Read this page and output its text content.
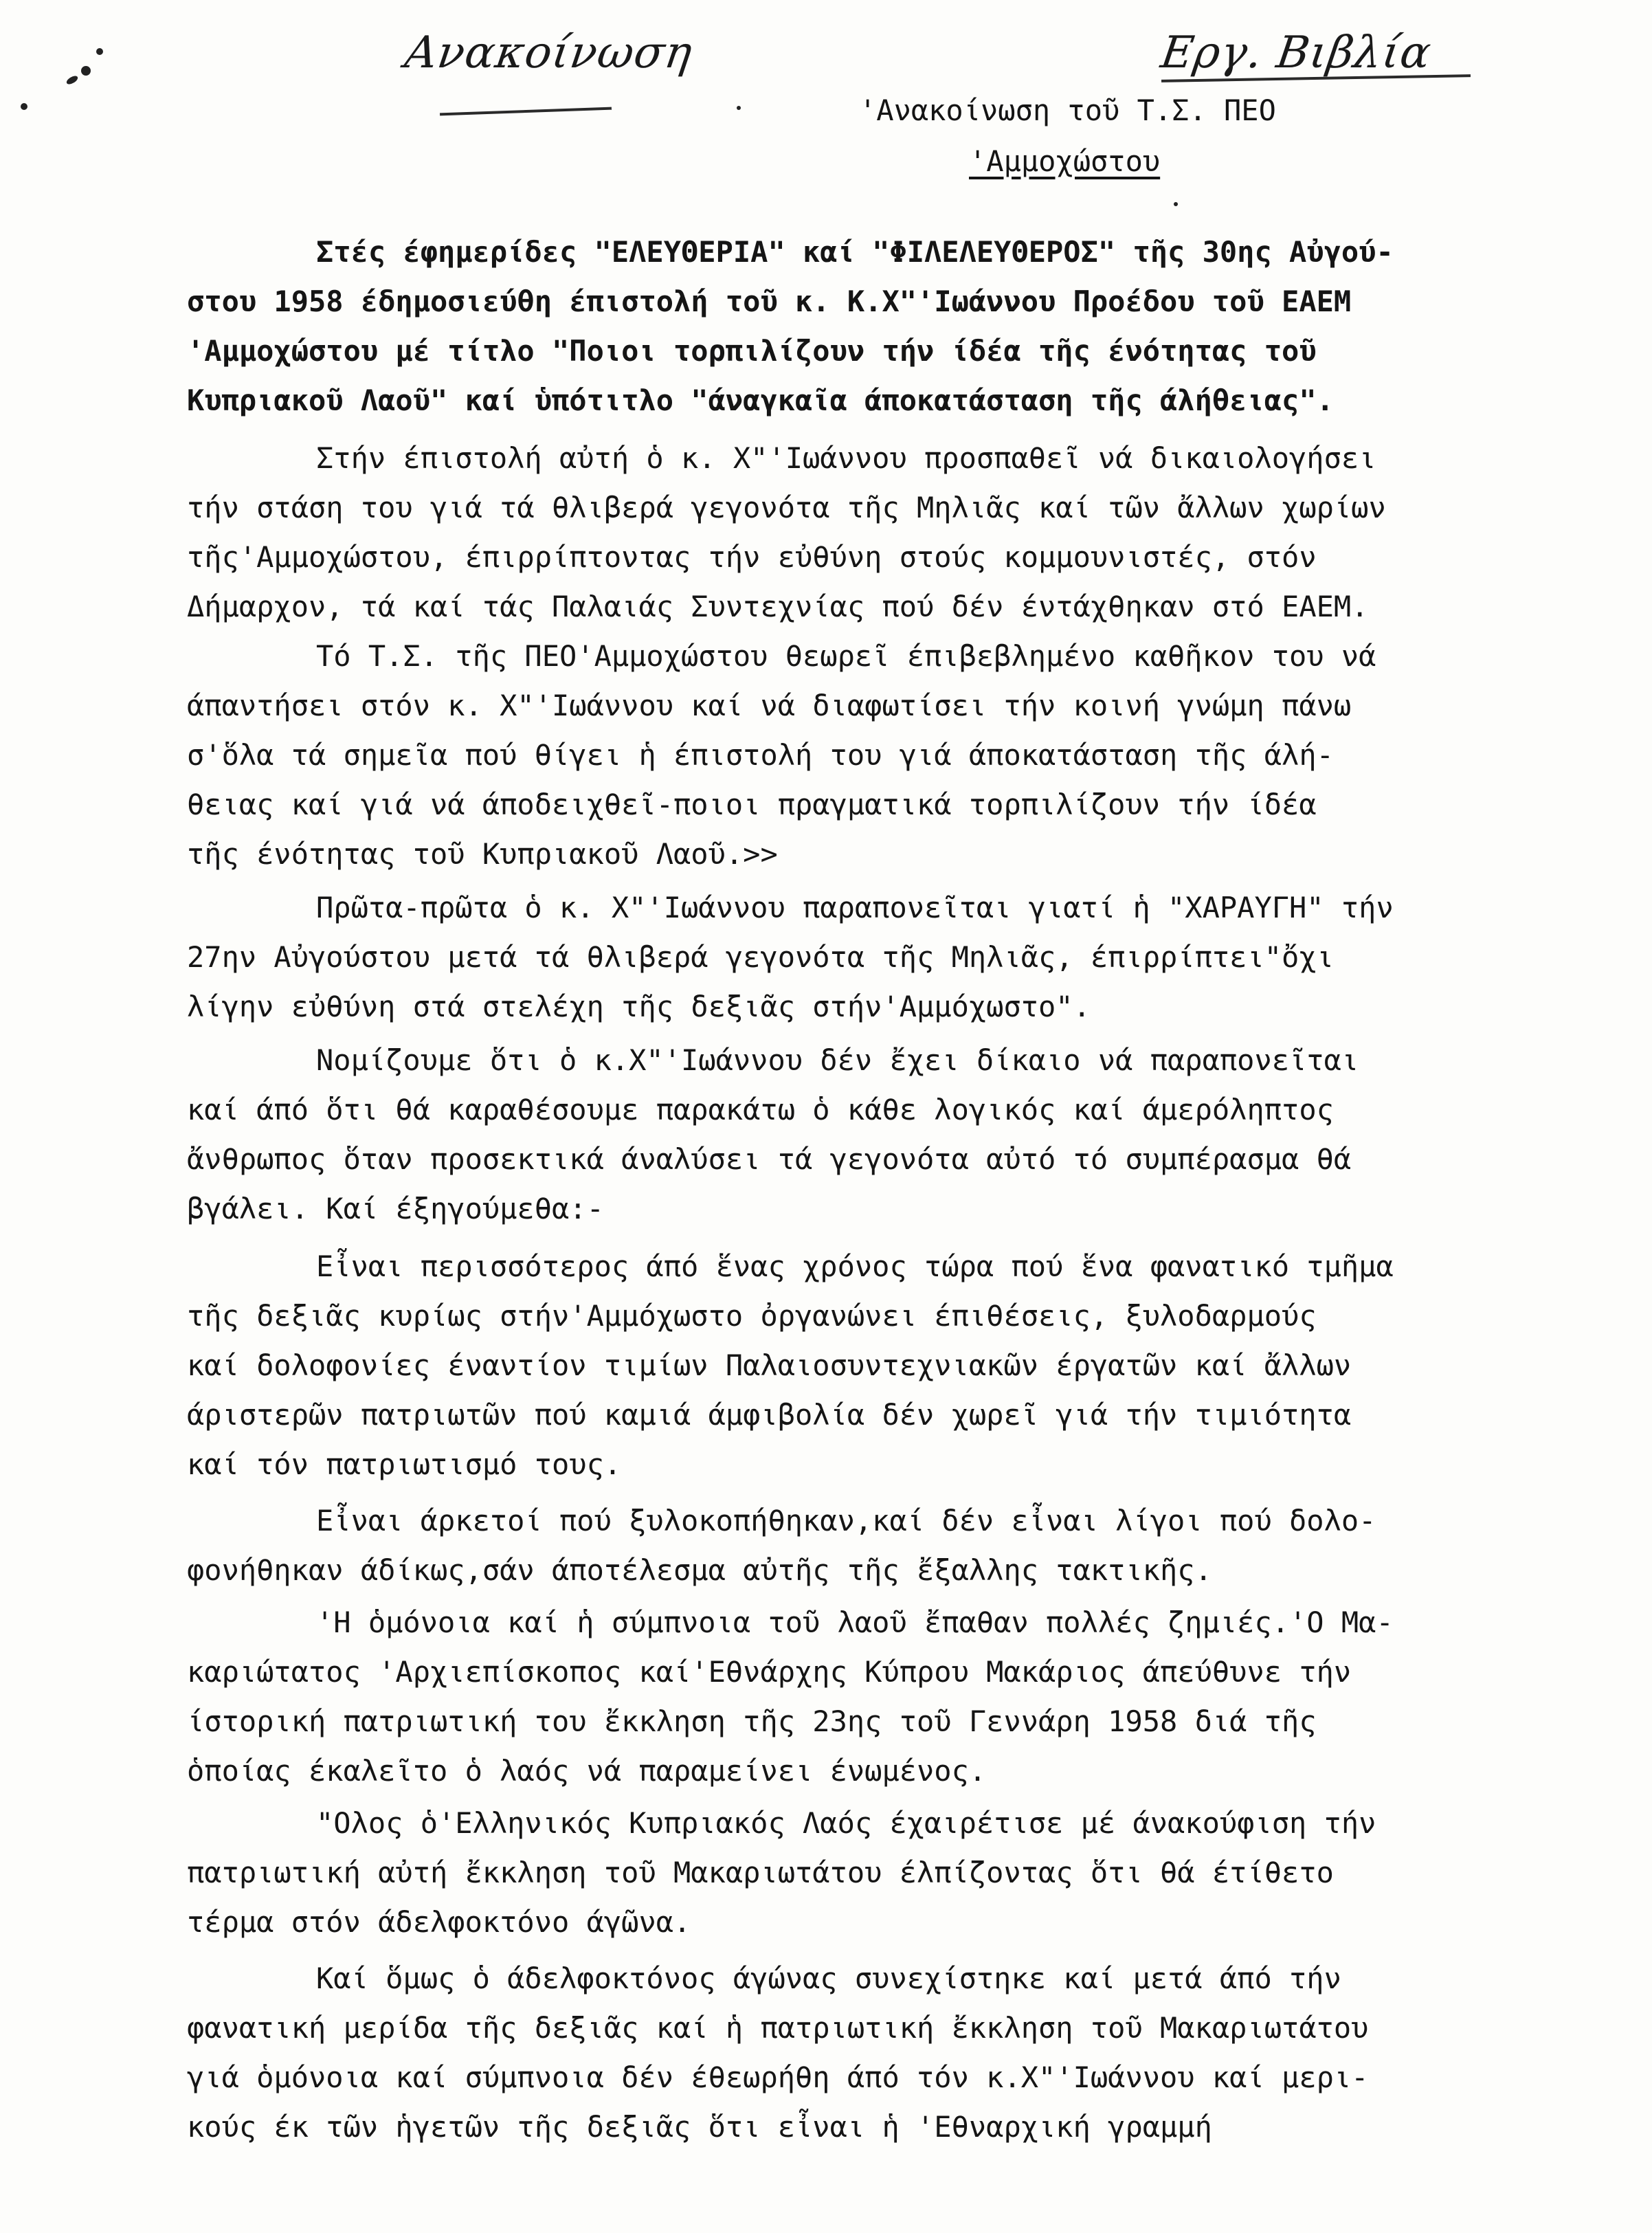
Ανακοίνωση	Εργ. Βιβλία
'Ανακοίνωση τοῦ Τ.Σ. ΠΕΟ
'Αμμοχώστου
Στές έφημερίδες "ΕΛΕΥΘΕΡΙΑ" καί "ΦΙΛΕΛΕΥΘΕΡΟΣ" τῆς 30ης Αὐγού-
στου 1958 έδημοσιεύθη έπιστολή τοῦ κ. Κ.Χ"'Ιωάννου Προέδου τοῦ ΕΑΕΜ
'Αμμοχώστου μέ τίτλο "Ποιοι τορπιλίζουν τήν ίδέα τῆς ένότητας τοῦ
Κυπριακοῦ Λαοῦ" καί ὑπότιτλο "άναγκαῖα άποκατάσταση τῆς άλήθειας".
Στήν έπιστολή αὐτή ὁ κ. Χ"'Ιωάννου προσπαθεῖ νά δικαιολογήσει
τήν στάση του γιά τά θλιβερά γεγονότα τῆς Μηλιᾶς καί τῶν ἄλλων χωρίων
τῆς'Αμμοχώστου, έπιρρίπτοντας τήν εὐθύνη στούς κομμουνιστές, στόν
Δήμαρχον, τά καί τάς Παλαιάς Συντεχνίας πού δέν έντάχθηκαν στό ΕΑΕΜ.
Τό Τ.Σ. τῆς ΠΕΟ'Αμμοχώστου θεωρεῖ έπιβεβλημένο καθῆκον του νά
άπαντήσει στόν κ. Χ"'Ιωάννου καί νά διαφωτίσει τήν κοινή γνώμη πάνω
σ'ὅλα τά σημεῖα πού θίγει ἡ έπιστολή του γιά άποκατάσταση τῆς άλή-
θειας καί γιά νά άποδειχθεῖ-ποιοι πραγματικά τορπιλίζουν τήν ίδέα
τῆς ένότητας τοῦ Κυπριακοῦ Λαοῦ.>>
Πρῶτα-πρῶτα ὁ κ. Χ"'Ιωάννου παραπονεῖται γιατί ἡ "ΧΑΡΑΥΓΗ" τήν
27ην Αὐγούστου μετά τά θλιβερά γεγονότα τῆς Μηλιᾶς, έπιρρίπτει"ὄχι
λίγην εὐθύνη στά στελέχη τῆς δεξιᾶς στήν'Αμμόχωστο".
Νομίζουμε ὅτι ὁ κ.Χ"'Ιωάννου δέν ἔχει δίκαιο νά παραπονεῖται
καί άπό ὅτι θά καραθέσουμε παρακάτω ὁ κάθε λογικός καί άμερόληπτος
ἄνθρωπος ὅταν προσεκτικά άναλύσει τά γεγονότα αὐτό τό συμπέρασμα θά
βγάλει. Καί έξηγούμεθα:-
Εἶναι περισσότερος άπό ἕνας χρόνος τώρα πού ἕνα φανατικό τμῆμα
τῆς δεξιᾶς κυρίως στήν'Αμμόχωστο ὀργανώνει έπιθέσεις, ξυλοδαρμούς
καί δολοφονίες έναντίον τιμίων Παλαιοσυντεχνιακῶν έργατῶν καί ἄλλων
άριστερῶν πατριωτῶν πού καμιά άμφιβολία δέν χωρεῖ γιά τήν τιμιότητα
καί τόν πατριωτισμό τους.
Εἶναι άρκετοί πού ξυλοκοπήθηκαν,καί δέν εἶναι λίγοι πού δολο-
φονήθηκαν άδίκως,σάν άποτέλεσμα αὐτῆς τῆς ἔξαλλης τακτικῆς.
'Η ὁμόνοια καί ἡ σύμπνοια τοῦ λαοῦ ἔπαθαν πολλές ζημιές.'Ο Μα-
καριώτατος 'Αρχιεπίσκοπος καί'Εθνάρχης Κύπρου Μακάριος άπεύθυνε τήν
ίστορική πατριωτική του ἔκκληση τῆς 23ης τοῦ Γεννάρη 1958 διά τῆς
ὁποίας έκαλεῖτο ὁ λαός νά παραμείνει ένωμένος.
"Ολος ὁ'Ελληνικός Κυπριακός Λαός έχαιρέτισε μέ άνακούφιση τήν
πατριωτική αὐτή ἔκκληση τοῦ Μακαριωτάτου έλπίζοντας ὅτι θά έτίθετο
τέρμα στόν άδελφοκτόνο άγῶνα.
Καί ὅμως ὁ άδελφοκτόνος άγώνας συνεχίστηκε καί μετά άπό τήν
φανατική μερίδα τῆς δεξιᾶς καί ἡ πατριωτική ἔκκληση τοῦ Μακαριωτάτου
γιά ὁμόνοια καί σύμπνοια δέν έθεωρήθη άπό τόν κ.Χ"'Ιωάννου καί μερι-
κούς έκ τῶν ἡγετῶν τῆς δεξιᾶς ὅτι εἶναι ἡ 'Εθναρχική γραμμή
